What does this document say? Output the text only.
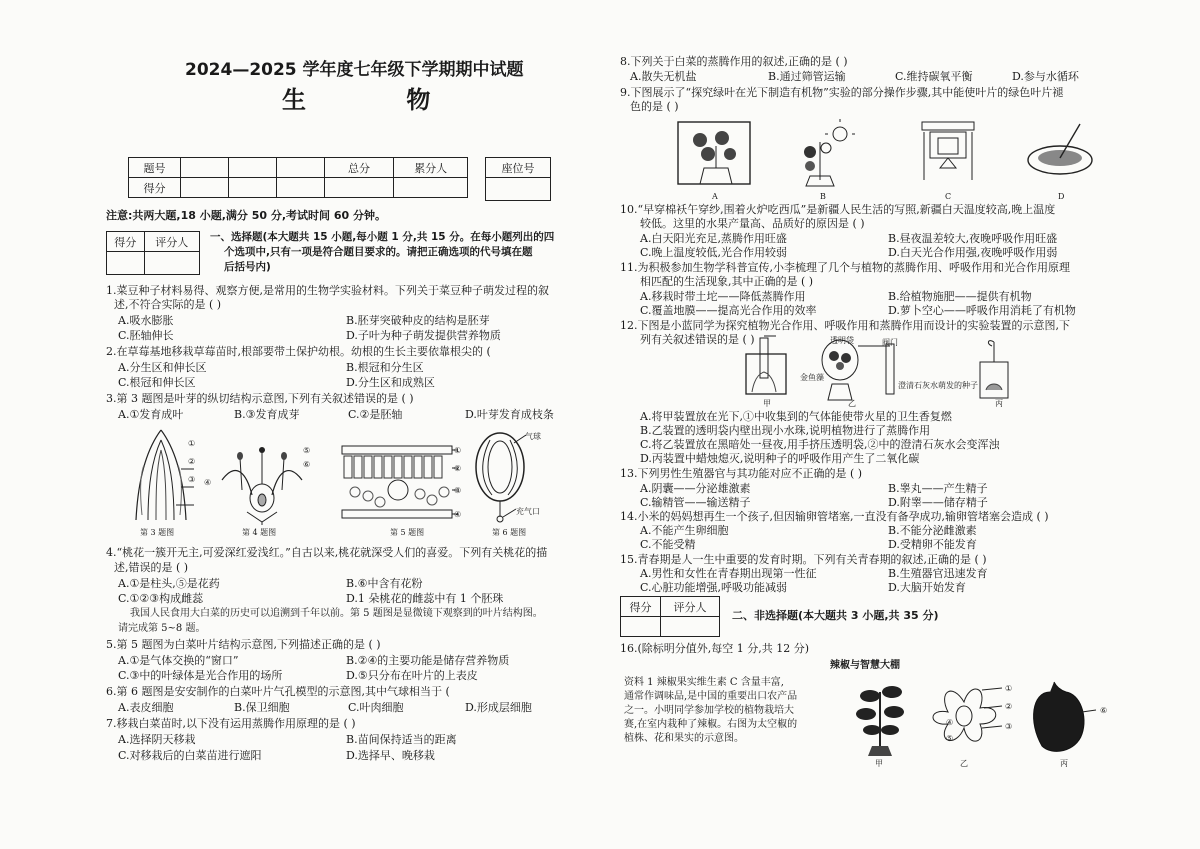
2024—2025 学年度七年级下学期期中试题
生 物
题号				总分	累分人
得分					
座位号

注意:共两大题,18 小题,满分 50 分,考试时间 60 分钟。
得分	评分人
	一、选择题(本大题共 15 小题,每小题 1 分,共 15 分。在每小题列出的四
个选项中,只有一项是符合题目要求的。请把正确选项的代号填在题
后括号内)
1.菜豆种子材料易得、观察方便,是常用的生物学实验材料。下列关于菜豆种子萌发过程的叙
述,不符合实际的是 ( )
A.吸水膨胀	B.胚芽突破种皮的结构是胚芽
C.胚轴伸长	D.子叶为种子萌发提供营养物质
2.在草莓基地移栽草莓苗时,根部要带土保护幼根。幼根的生长主要依靠根尖的 (
A.分生区和伸长区	B.根冠和分生区
C.根冠和伸长区	D.分生区和成熟区
3.第 3 题图是叶芽的纵切结构示意图,下列有关叙述错误的是 ( )
A.①发育成叶	B.③发育成芽	C.②是胚轴	D.叶芽发育成枝条
①
②
③
第 3 题图
⑤
⑥
④
第 4 题图
①
②
③
④
第 5 题图
气球
充气口
第 6 题图
4.“桃花一簇开无主,可爱深红爱浅红。”自古以来,桃花就深受人们的喜爱。下列有关桃花的描
述,错误的是 ( )
A.①是柱头,⑤是花药	B.⑥中含有花粉
C.①②③构成雌蕊	D.1 朵桃花的雌蕊中有 1 个胚珠
我国人民食用大白菜的历史可以追溯到千年以前。第 5 题图是显微镜下观察到的叶片结构图。
请完成第 5~8 题。
5.第 5 题图为白菜叶片结构示意图,下列描述正确的是 ( )
A.①是气体交换的“窗口”	B.②④的主要功能是储存营养物质
C.③中的叶绿体是光合作用的场所	D.⑤只分布在叶片的上表皮
6.第 6 题图是安安制作的白菜叶片气孔模型的示意图,其中气球相当于 (
A.表皮细胞	B.保卫细胞	C.叶肉细胞	D.形成层细胞
7.移栽白菜苗时,以下没有运用蒸腾作用原理的是 ( )
A.选择阴天移栽	B.苗间保持适当的距离
C.对移栽后的白菜苗进行遮阳	D.选择早、晚移栽
8.下列关于白菜的蒸腾作用的叙述,正确的是 ( )
A.散失无机盐	B.通过筛管运输	C.维持碳氧平衡	D.参与水循环
9.下图展示了“探究绿叶在光下制造有机物”实验的部分操作步骤,其中能使叶片的绿色叶片褪
色的是 ( )
A	B	C	D
10.“早穿棉袄午穿纱,围着火炉吃西瓜”是新疆人民生活的写照,新疆白天温度较高,晚上温度
较低。这里的水果产量高、品质好的原因是 ( )
A.白天阳光充足,蒸腾作用旺盛	B.昼夜温差较大,夜晚呼吸作用旺盛
C.晚上温度较低,光合作用较弱	D.白天光合作用强,夜晚呼吸作用弱
11.为积极参加生物学科普宣传,小李梳理了几个与植物的蒸腾作用、呼吸作用和光合作用原理
相匹配的生活现象,其中正确的是 ( )
A.移栽时带土坨——降低蒸腾作用	B.给植物施肥——提供有机物
C.覆盖地膜——提高光合作用的效率	D.萝卜空心——呼吸作用消耗了有机物
12.下图是小蓝同学为探究植物光合作用、呼吸作用和蒸腾作用而设计的实验装置的示意图,下
列有关叙述错误的是 ( )
金鱼藻
透明袋	阀门
澄清石灰水 萌发的种子
甲	乙	丙
A.将甲装置放在光下,①中收集到的气体能使带火星的卫生香复燃
B.乙装置的透明袋内壁出现小水珠,说明植物进行了蒸腾作用
C.将乙装置放在黑暗处一昼夜,用手挤压透明袋,②中的澄清石灰水会变浑浊
D.丙装置中蜡烛熄灭,说明种子的呼吸作用产生了二氧化碳
13.下列男性生殖器官与其功能对应不正确的是 ( )
A.阴囊——分泌雄激素	B.睾丸——产生精子
C.输精管——输送精子	D.附睾——储存精子
14.小米的妈妈想再生一个孩子,但因输卵管堵塞,一直没有备孕成功,输卵管堵塞会造成 ( )
A.不能产生卵细胞	B.不能分泌雌激素
C.不能受精	D.受精卵不能发育
15.青春期是人一生中重要的发育时期。下列有关青春期的叙述,正确的是 ( )
A.男性和女性在青春期出现第一性征	B.生殖器官迅速发育
C.心脏功能增强,呼吸功能减弱	D.大脑开始发育
得分	评分人

二、非选择题(本大题共 3 小题,共 35 分)
16.(除标明分值外,每空 1 分,共 12 分)
辣椒与智慧大棚
资料 1 辣椒果实维生素 C 含量丰富,
通常作调味品,是中国的重要出口农产品
之一。小明同学参加学校的植物栽培大
赛,在室内栽种了辣椒。右图为太空椒的
植株、花和果实的示意图。
①
②
③
④
⑤
⑥
甲	乙	丙
